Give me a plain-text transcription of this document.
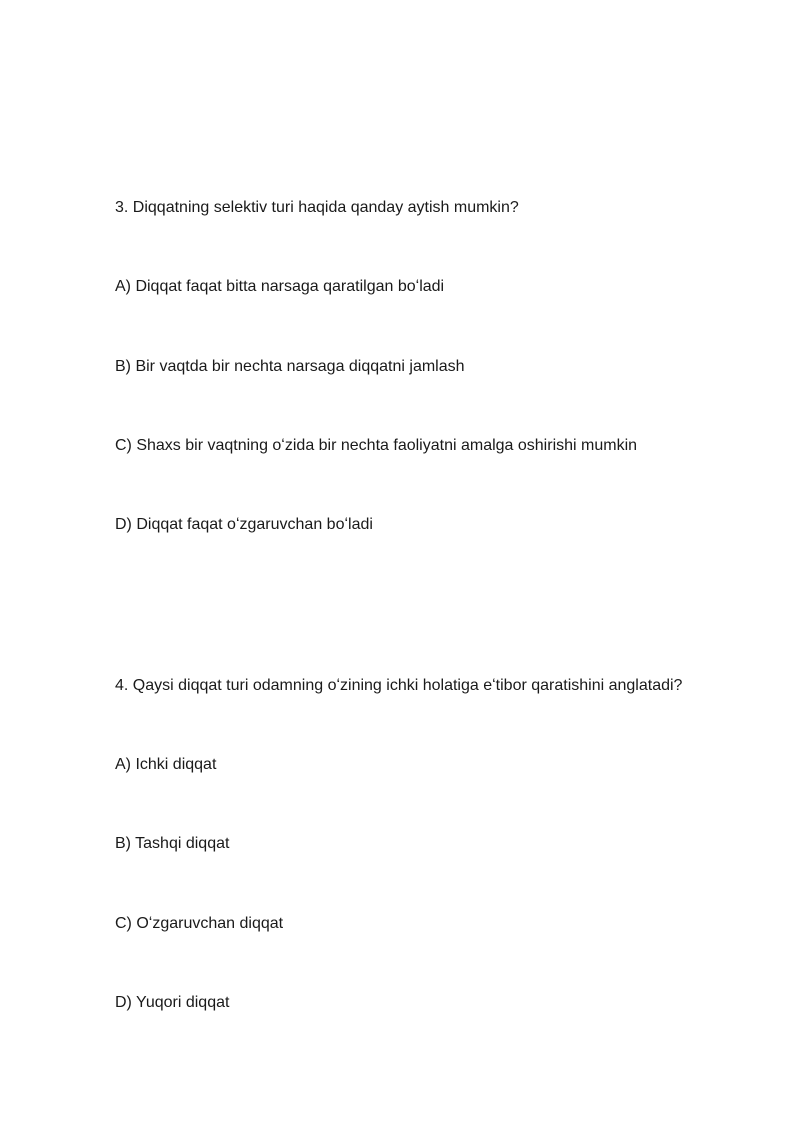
3. Diqqatning selektiv turi haqida qanday aytish mumkin?
A) Diqqat faqat bitta narsaga qaratilgan boʻladi
B) Bir vaqtda bir nechta narsaga diqqatni jamlash
C) Shaxs bir vaqtning oʻzida bir nechta faoliyatni amalga oshirishi mumkin
D) Diqqat faqat oʻzgaruvchan boʻladi
4. Qaysi diqqat turi odamning oʻzining ichki holatiga eʻtibor qaratishini anglatadi?
A) Ichki diqqat
B) Tashqi diqqat
C) Oʻzgaruvchan diqqat
D) Yuqori diqqat
